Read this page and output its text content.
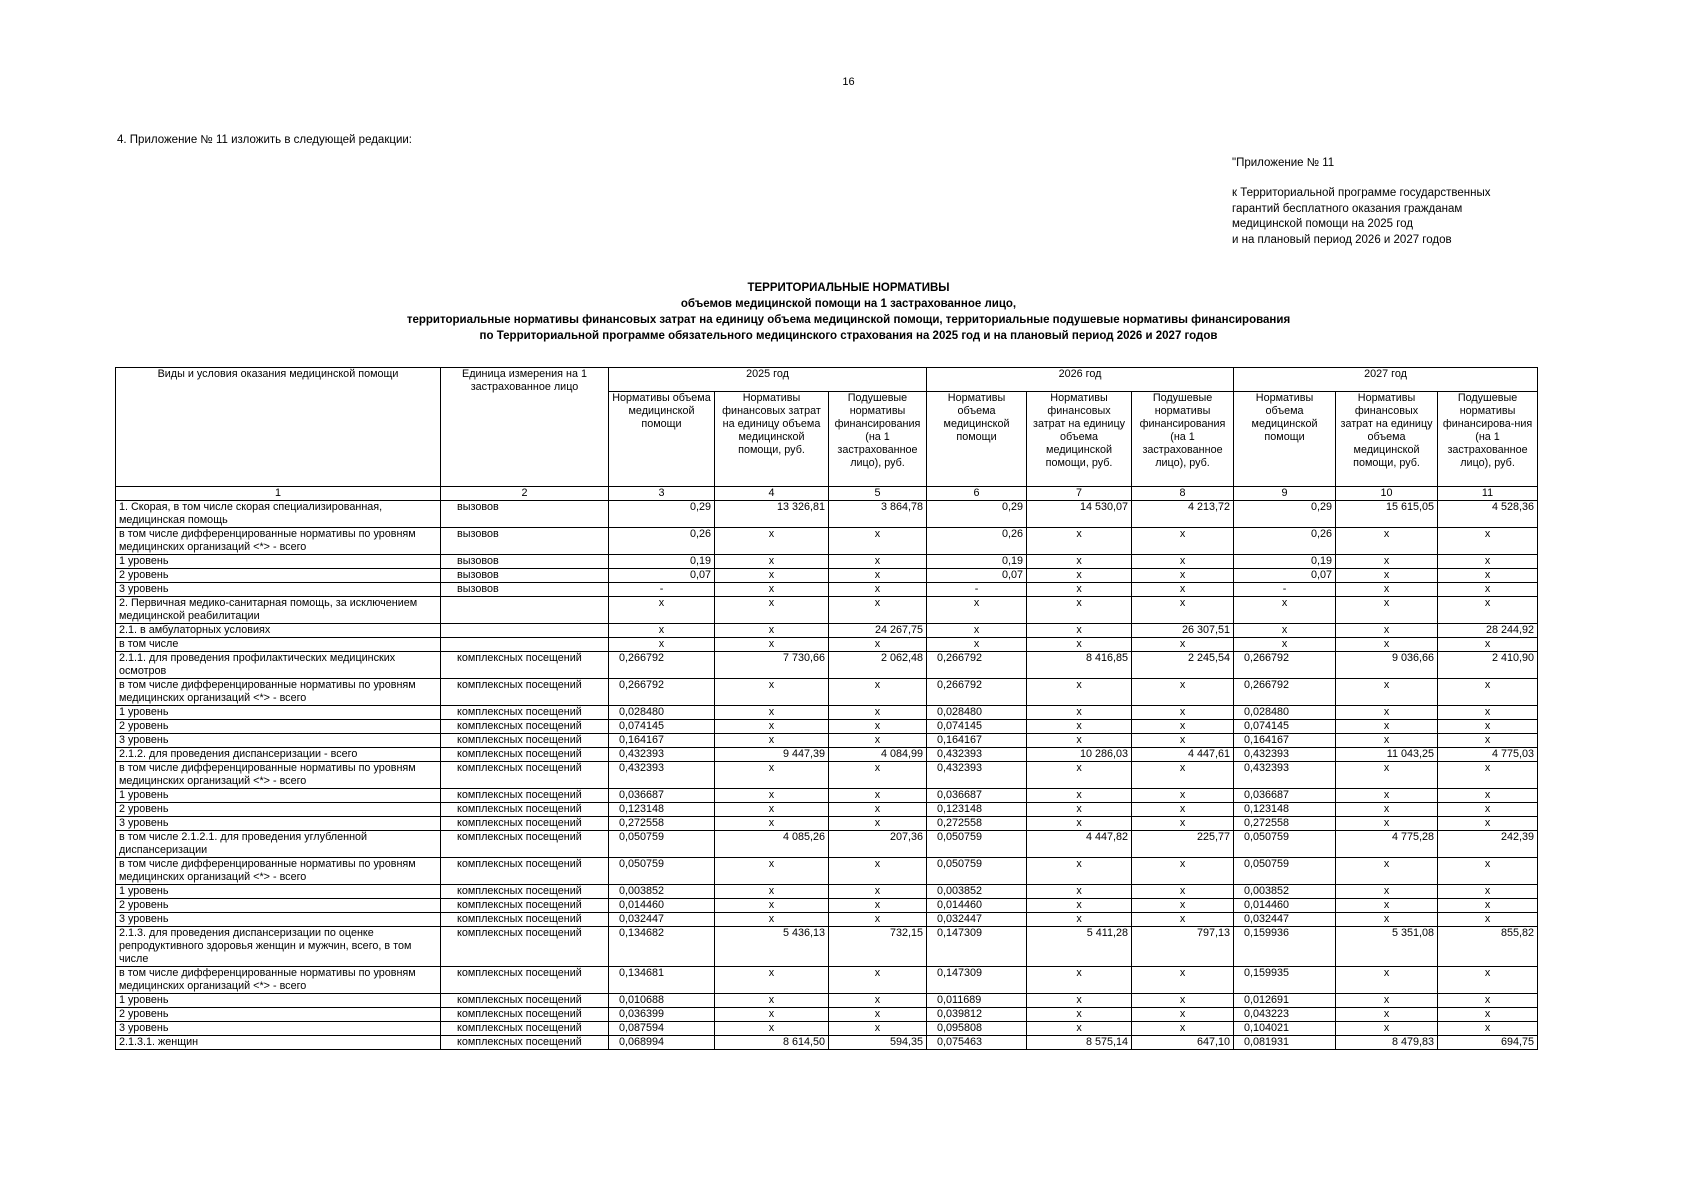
16
4. Приложение № 11 изложить в следующей редакции:
"Приложение № 11
к Территориальной программе государственных
гарантий бесплатного оказания гражданам
медицинской помощи на 2025 год
и на плановый период 2026 и 2027 годов
ТЕРРИТОРИАЛЬНЫЕ НОРМАТИВЫ
объемов медицинской помощи на 1 застрахованное лицо,
территориальные нормативы финансовых затрат на единицу объема медицинской помощи, территориальные подушевые нормативы финансирования
по Территориальной программе обязательного медицинского страхования на 2025 год и на плановый период 2026 и 2027 годов
Виды и условия оказания медицинской помощи	Единица измерения на 1 застрахованное лицо	2025 год			2026 год			2027 год		
		Нормативы объема медицинской помощи	Нормативы финансовых затрат на единицу объема медицинской помощи, руб.	Подушевые нормативы финансирования (на 1 застрахованное лицо), руб.	Нормативы объема медицинской помощи	Нормативы финансовых затрат на единицу объема медицинской помощи, руб.	Подушевые нормативы финансирования (на 1 застрахованное лицо), руб.	Нормативы объема медицинской помощи	Нормативы финансовых затрат на единицу объема медицинской помощи, руб.	Подушевые нормативы финансирова-ния (на 1 застрахованное лицо), руб.
1	2	3	4	5	6	7	8	9	10	11
1. Скорая, в том числе скорая специализированная, медицинская помощь	вызовов	0,29	13 326,81	3 864,78	0,29	14 530,07	4 213,72	0,29	15 615,05	4 528,36
в том числе дифференцированные нормативы по уровням медицинских организаций <*> - всего	вызовов	0,26	х	х	0,26	х	х	0,26	х	х
1 уровень	вызовов	0,19	х	х	0,19	х	х	0,19	х	х
2 уровень	вызовов	0,07	х	х	0,07	х	х	0,07	х	х
3 уровень	вызовов	-	х	х	-	х	х	-	х	х
2. Первичная медико-санитарная помощь, за исключением медицинской реабилитации		х	х	х	х	х	х	х	х	х
2.1. в амбулаторных условиях		х	х	24 267,75	х	х	26 307,51	х	х	28 244,92
в том числе		х	х	х	х	х	х	х	х	х
2.1.1. для проведения профилактических медицинских осмотров	комплексных посещений	0,266792	7 730,66	2 062,48	0,266792	8 416,85	2 245,54	0,266792	9 036,66	2 410,90
в том числе дифференцированные нормативы по уровням медицинских организаций <*> - всего	комплексных посещений	0,266792	х	х	0,266792	х	х	0,266792	х	х
1 уровень	комплексных посещений	0,028480	х	х	0,028480	х	х	0,028480	х	х
2 уровень	комплексных посещений	0,074145	х	х	0,074145	х	х	0,074145	х	х
3 уровень	комплексных посещений	0,164167	х	х	0,164167	х	х	0,164167	х	х
2.1.2. для проведения диспансеризации - всего	комплексных посещений	0,432393	9 447,39	4 084,99	0,432393	10 286,03	4 447,61	0,432393	11 043,25	4 775,03
в том числе дифференцированные нормативы по уровням медицинских организаций <*> - всего	комплексных посещений	0,432393	х	х	0,432393	х	х	0,432393	х	х
1 уровень	комплексных посещений	0,036687	х	х	0,036687	х	х	0,036687	х	х
2 уровень	комплексных посещений	0,123148	х	х	0,123148	х	х	0,123148	х	х
3 уровень	комплексных посещений	0,272558	х	х	0,272558	х	х	0,272558	х	х
в том числе 2.1.2.1. для проведения углубленной диспансеризации	комплексных посещений	0,050759	4 085,26	207,36	0,050759	4 447,82	225,77	0,050759	4 775,28	242,39
в том числе дифференцированные нормативы по уровням медицинских организаций <*> - всего	комплексных посещений	0,050759	х	х	0,050759	х	х	0,050759	х	х
1 уровень	комплексных посещений	0,003852	х	х	0,003852	х	х	0,003852	х	х
2 уровень	комплексных посещений	0,014460	х	х	0,014460	х	х	0,014460	х	х
3 уровень	комплексных посещений	0,032447	х	х	0,032447	х	х	0,032447	х	х
2.1.3. для проведения диспансеризации по оценке репродуктивного здоровья женщин и мужчин, всего, в том числе	комплексных посещений	0,134682	5 436,13	732,15	0,147309	5 411,28	797,13	0,159936	5 351,08	855,82
в том числе дифференцированные нормативы по уровням медицинских организаций <*> - всего	комплексных посещений	0,134681	х	х	0,147309	х	х	0,159935	х	х
1 уровень	комплексных посещений	0,010688	х	х	0,011689	х	х	0,012691	х	х
2 уровень	комплексных посещений	0,036399	х	х	0,039812	х	х	0,043223	х	х
3 уровень	комплексных посещений	0,087594	х	х	0,095808	х	х	0,104021	х	х
2.1.3.1. женщин	комплексных посещений	0,068994	8 614,50	594,35	0,075463	8 575,14	647,10	0,081931	8 479,83	694,75
